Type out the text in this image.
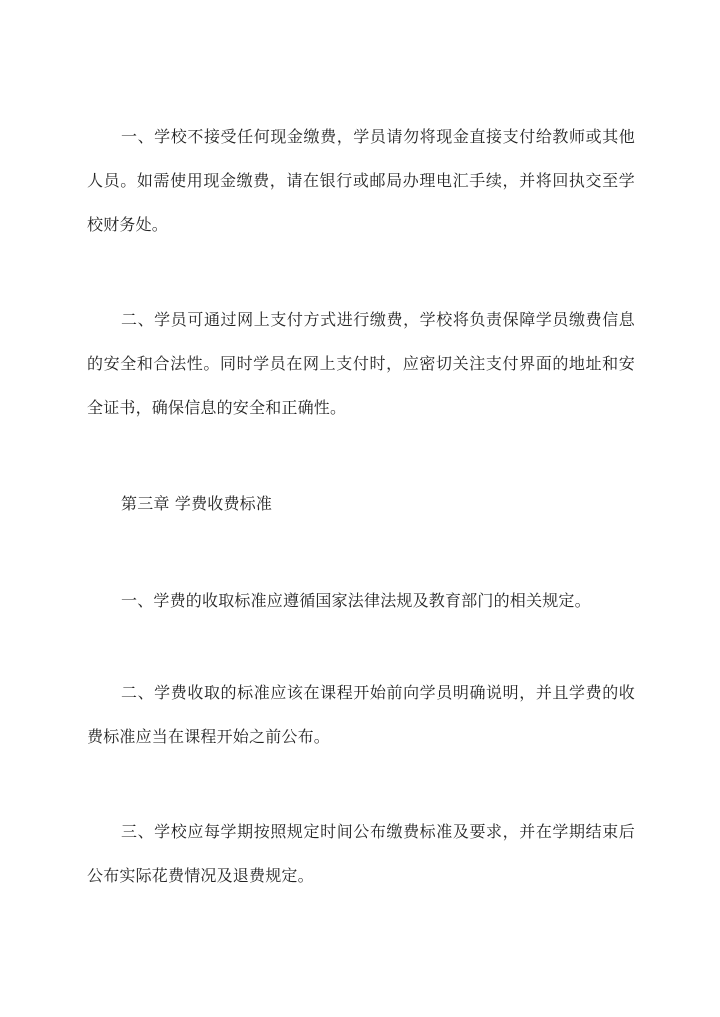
一、学校不接受任何现金缴费，学员请勿将现金直接支付给教师或其他人员。如需使用现金缴费，请在银行或邮局办理电汇手续，并将回执交至学校财务处。

二、学员可通过网上支付方式进行缴费，学校将负责保障学员缴费信息的安全和合法性。同时学员在网上支付时，应密切关注支付界面的地址和安全证书，确保信息的安全和正确性。

第三章 学费收费标准

一、学费的收取标准应遵循国家法律法规及教育部门的相关规定。

二、学费收取的标准应该在课程开始前向学员明确说明，并且学费的收费标准应当在课程开始之前公布。

三、学校应每学期按照规定时间公布缴费标准及要求，并在学期结束后公布实际花费情况及退费规定。
